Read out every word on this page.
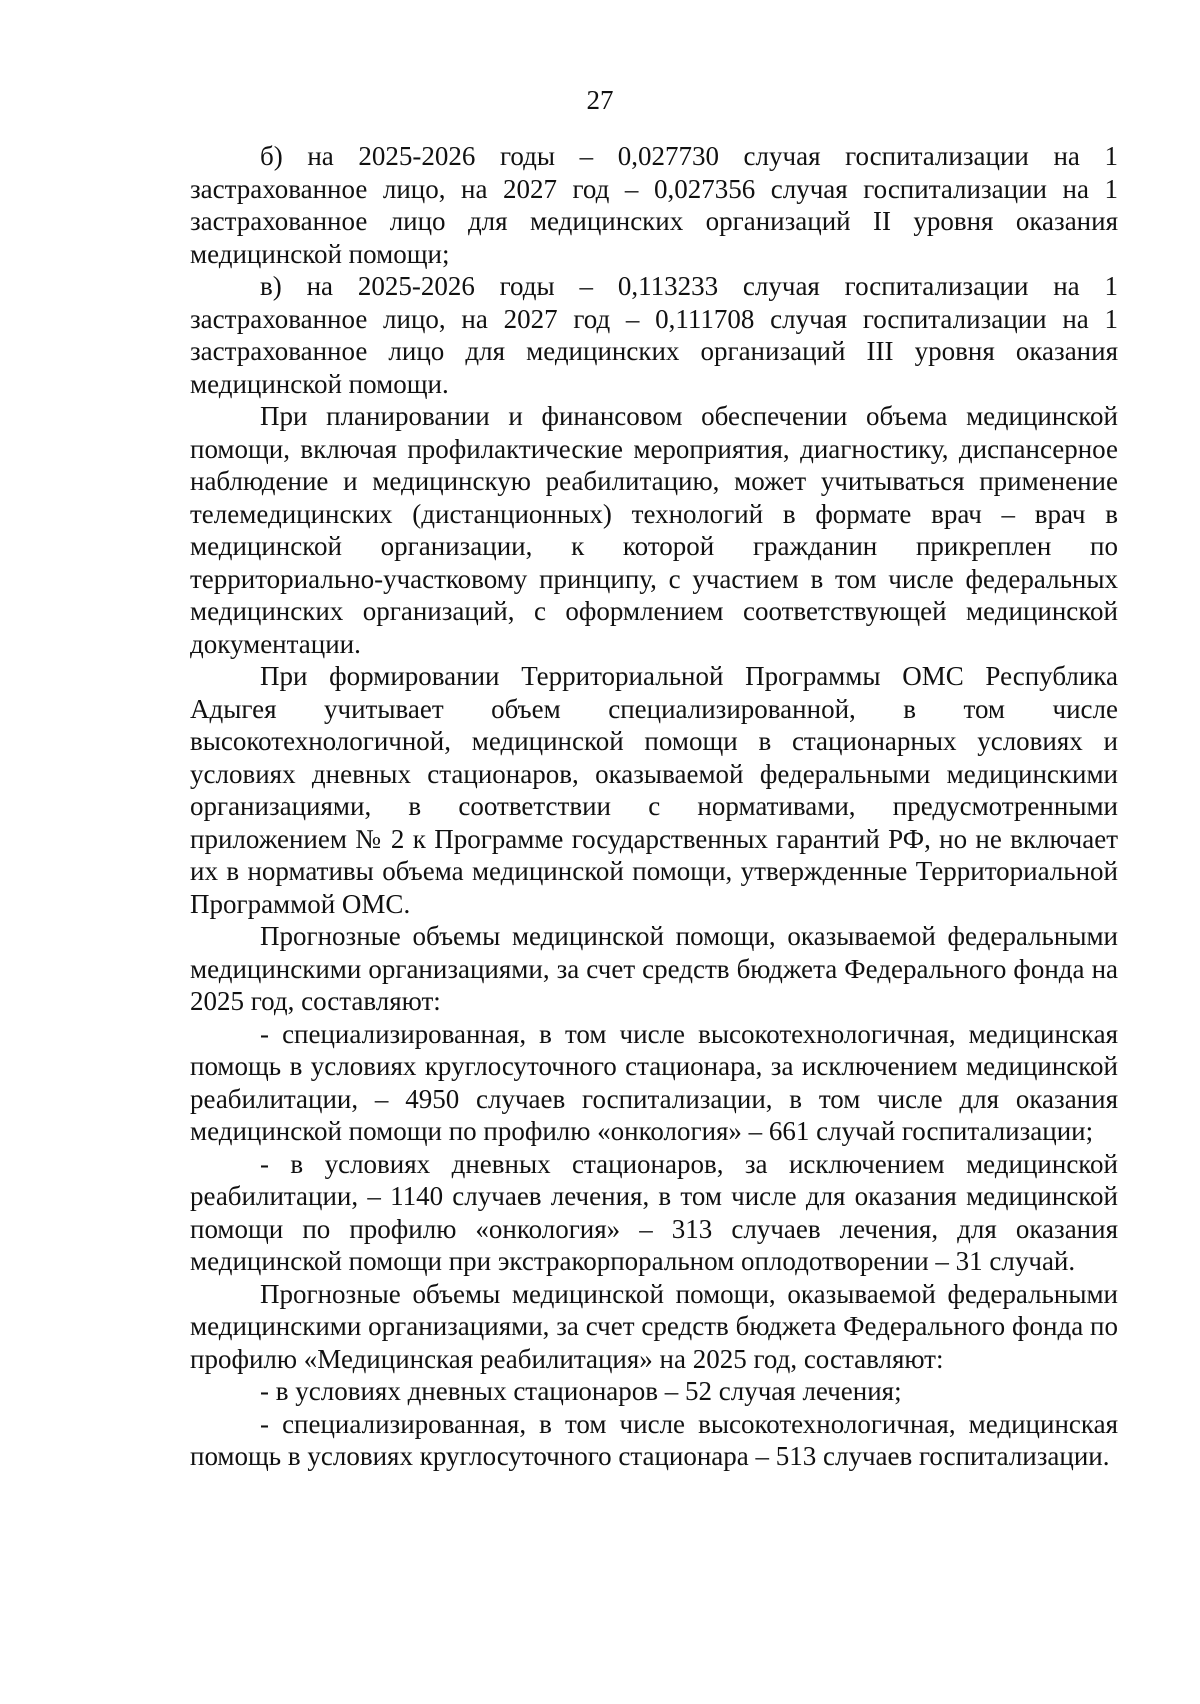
27

б) на 2025-2026 годы – 0,027730 случая госпитализации на 1 застрахованное лицо, на 2027 год – 0,027356 случая госпитализации на 1 застрахованное лицо для медицинских организаций II уровня оказания медицинской помощи;

в) на 2025-2026 годы – 0,113233 случая госпитализации на 1 застрахованное лицо, на 2027 год – 0,111708 случая госпитализации на 1 застрахованное лицо для медицинских организаций III уровня оказания медицинской помощи.

При планировании и финансовом обеспечении объема медицинской помощи, включая профилактические мероприятия, диагностику, диспансерное наблюдение и медицинскую реабилитацию, может учитываться применение телемедицинских (дистанционных) технологий в формате врач – врач в медицинской организации, к которой гражданин прикреплен по территориально-участковому принципу, с участием в том числе федеральных медицинских организаций, с оформлением соответствующей медицинской документации.

При формировании Территориальной Программы ОМС Республика Адыгея учитывает объем специализированной, в том числе высокотехнологичной, медицинской помощи в стационарных условиях и условиях дневных стационаров, оказываемой федеральными медицинскими организациями, в соответствии с нормативами, предусмотренными приложением № 2 к Программе государственных гарантий РФ, но не включает их в нормативы объема медицинской помощи, утвержденные Территориальной Программой ОМС.

Прогнозные объемы медицинской помощи, оказываемой федеральными медицинскими организациями, за счет средств бюджета Федерального фонда на 2025 год, составляют:

- специализированная, в том числе высокотехнологичная, медицинская помощь в условиях круглосуточного стационара, за исключением медицинской реабилитации, – 4950 случаев госпитализации, в том числе для оказания медицинской помощи по профилю «онкология» – 661 случай госпитализации;

- в условиях дневных стационаров, за исключением медицинской реабилитации, – 1140 случаев лечения, в том числе для оказания медицинской помощи по профилю «онкология» – 313 случаев лечения, для оказания медицинской помощи при экстракорпоральном оплодотворении – 31 случай.

Прогнозные объемы медицинской помощи, оказываемой федеральными медицинскими организациями, за счет средств бюджета Федерального фонда по профилю «Медицинская реабилитация» на 2025 год, составляют:

- в условиях дневных стационаров – 52 случая лечения;

- специализированная, в том числе высокотехнологичная, медицинская помощь в условиях круглосуточного стационара – 513 случаев госпитализации.
